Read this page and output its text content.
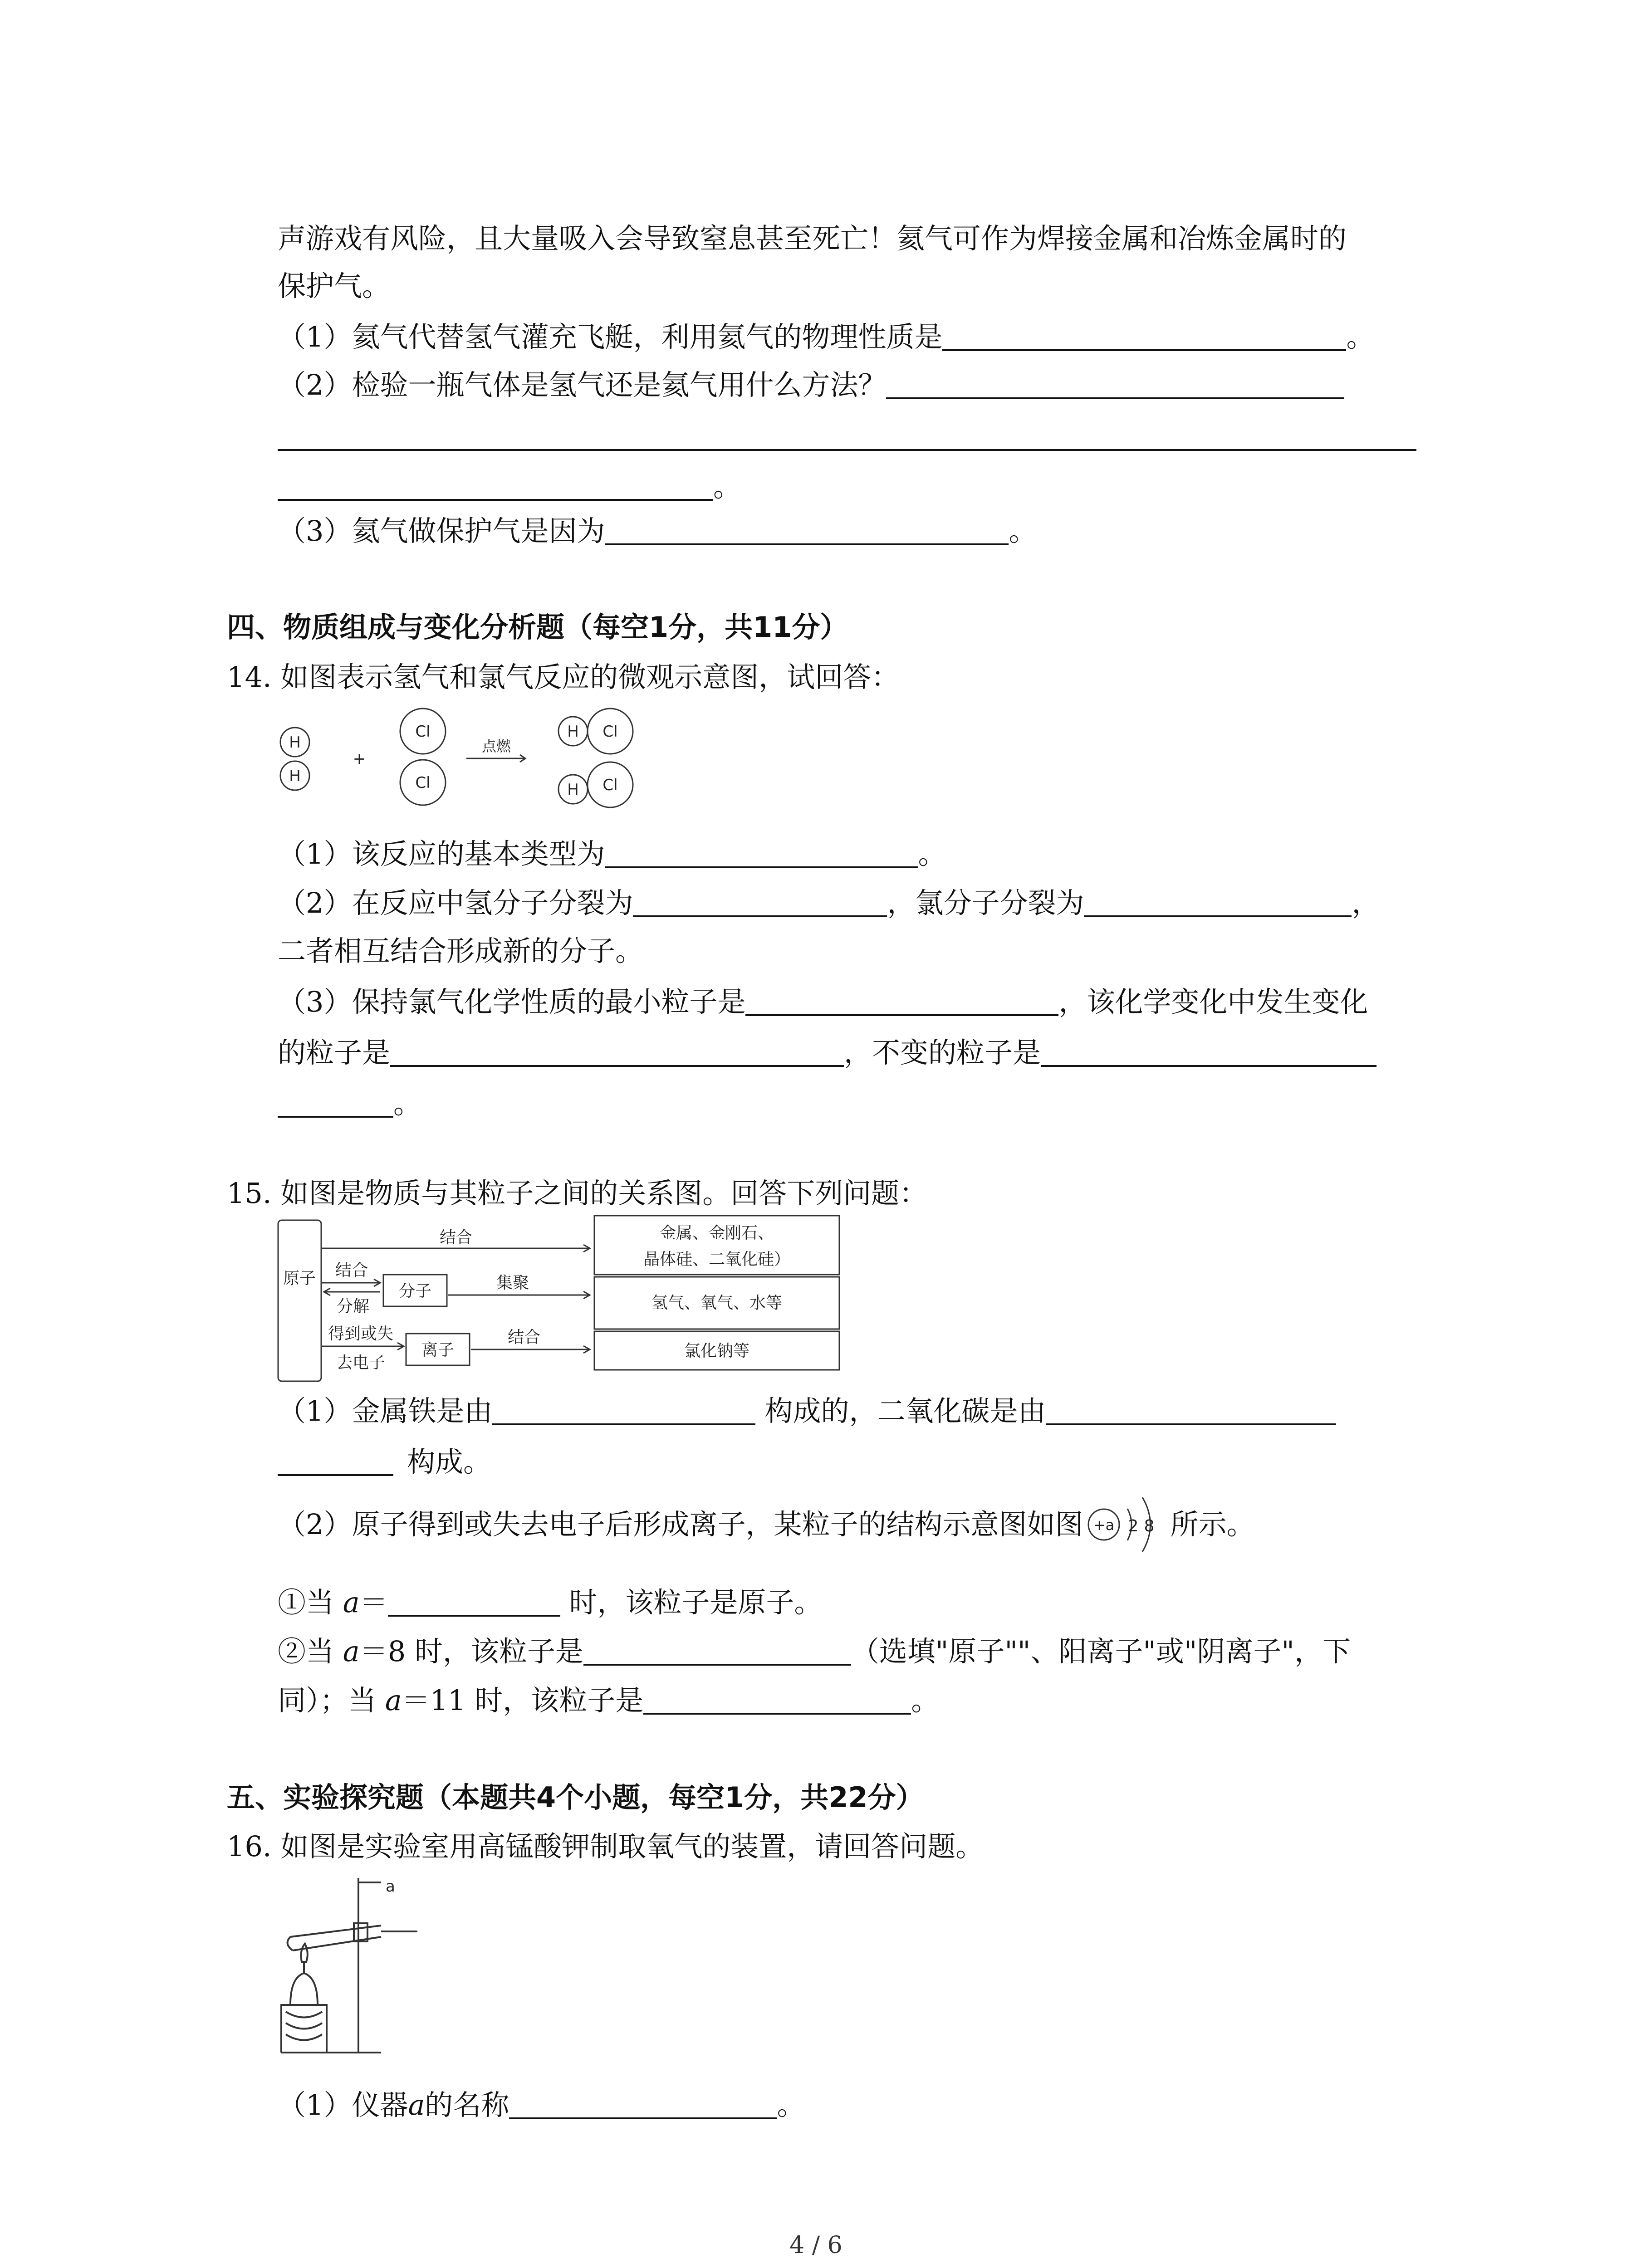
声游戏有风险，且大量吸入会导致窒息甚至死亡！氦气可作为焊接金属和冶炼金属时的
保护气。
（1）氦气代替氢气灌充飞艇，利用氦气的物理性质是	。
（2）检验一瓶气体是氢气还是氦气用什么方法？
。
（3）氦气做保护气是因为	。
四、物质组成与变化分析题（每空1分，共11分）
14. 如图表示氢气和氯气反应的微观示意图，试回答：
H
H
Cl
Cl
H Cl
H Cl
+
点燃
（1）该反应的基本类型为	。
（2）在反应中氢分子分裂为	，氯分子分裂为	，
二者相互结合形成新的分子。
（3）保持氯气化学性质的最小粒子是	，该化学变化中发生变化
的粒子是	，不变的粒子是
。
15. 如图是物质与其粒子之间的关系图。回答下列问题：
原子
分子
离子
结合
结合
分解
集聚
得到或失
去电子
结合
金属、金刚石、
晶体硅、二氧化硅）
氢气、氧气、水等
氯化钠等
（1）金属铁是由	构成的，二氧化碳是由
构成。
（2）原子得到或失去电子后形成离子，某粒子的结构示意图如图 +a 2 8 所示。
①当 a＝	时，该粒子是原子。
②当 a＝8 时，该粒子是	（选填"原子""、阳离子"或"阴离子"，下
同）；当 a＝11 时，该粒子是	。
五、实验探究题（本题共4个小题，每空1分，共22分）
16. 如图是实验室用高锰酸钾制取氧气的装置，请回答问题。
a
（1）仪器a的名称	。
4 / 6
